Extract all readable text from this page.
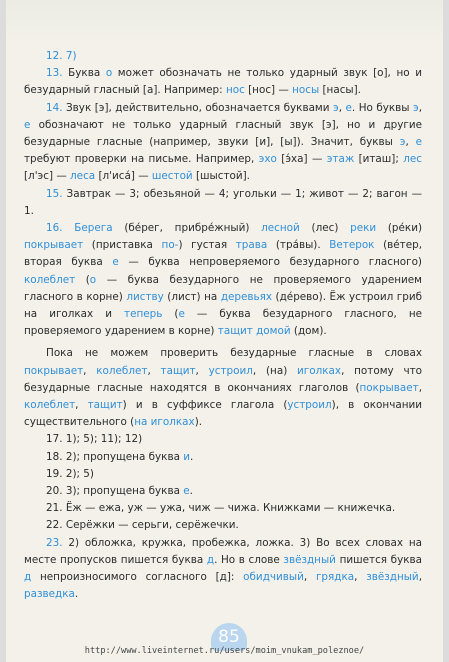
12. 7)

13. Буква о может обозначать не только ударный звук [о], но и безударный гласный [а]. Например: нос [нос] — носы [насы].

14. Звук [э], действительно, обозначается буквами э, е. Но буквы э, е обозначают не только ударный гласный звук [э], но и другие безударные гласные (например, звуки [и], [ы]). Значит, буквы э, е требуют проверки на письме. Например, эхо [э́ха] — этаж [иташ]; лес [л'эс] — леса [л'иса́] — шестой [шыстой].

15. Завтрак — 3; обезьяной — 4; угольки — 1; живот — 2; вагон — 1.

16. Берега (бе́рег, прибре́жный) лесной (лес) реки (ре́ки) покрывает (приставка по-) густая трава (тра́вы). Ветерок (ве́тер, вторая буква е — буква непроверяемого безударного гласного) колеблет (о — буква безударного не проверяемого ударением гласного в корне) листву (лист) на деревьях (де́рево). Ёж устроил гриб на иголках и теперь (е — буква безударного гласного, не проверяемого ударением в корне) тащит домой (дом).

Пока не можем проверить безударные гласные в словах покрывает, колеблет, тащит, устроил, (на) иголках, потому что безударные гласные находятся в окончаниях глаголов (покрывает, колеблет, тащит) и в суффиксе глагола (устроил), в окончании существительного (на иголках).

17. 1); 5); 11); 12)

18. 2); пропущена буква и.

19. 2); 5)

20. 3); пропущена буква е.

21. Ёж — ежа, уж — ужа, чиж — чижа. Книжками — книжечка.

22. Серёжки — серьги, серёжечки.

23. 2) обложка, кружка, пробежка, ложка. 3) Во всех словах на месте пропусков пишется буква д. Но в слове звёздный пишется буква д непроизносимого согласного [д]: обидчивый, грядка, звёздный, разведка.

85
http://www.liveinternet.ru/users/moim_vnukam_poleznoe/
